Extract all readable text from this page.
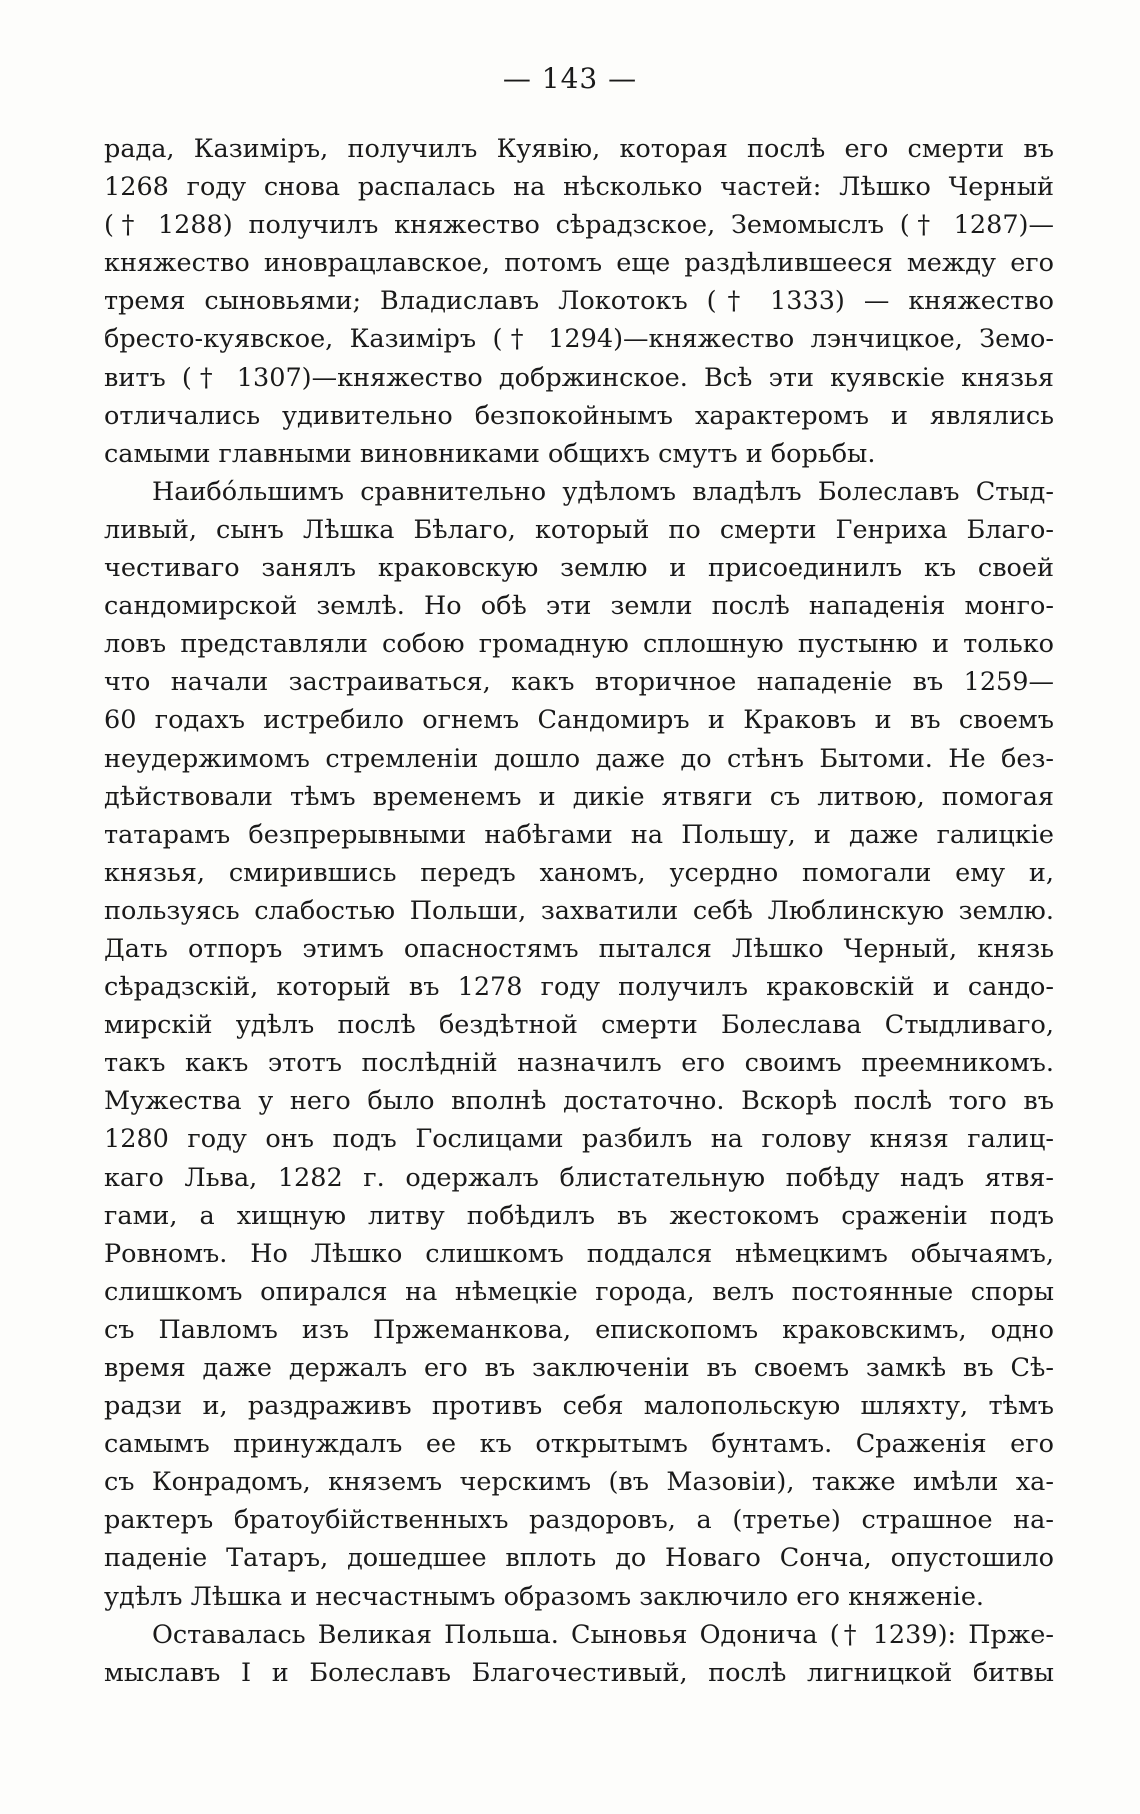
— 143 —
рада, Казиміръ, получилъ Куявію, которая послѣ его смерти въ
1268 году снова распалась на нѣсколько частей: Лѣшко Черный
(† 1288) получилъ княжество сѣрадзское, Земомыслъ († 1287)—
княжество иноврацлавское, потомъ еще раздѣлившееся между его
тремя сыновьями; Владиславъ Локотокъ († 1333) — княжество
бресто-куявское, Казиміръ († 1294)—княжество лэнчицкое, Земо-
витъ († 1307)—княжество добржинское. Всѣ эти куявскіе князья
отличались удивительно безпокойнымъ характеромъ и являлись
самыми главными виновниками общихъ смутъ и борьбы.
Наибо́льшимъ сравнительно удѣломъ владѣлъ Болеславъ Стыд-
ливый, сынъ Лѣшка Бѣлаго, который по смерти Генриха Благо-
честиваго занялъ краковскую землю и присоединилъ къ своей
сандомирской землѣ. Но обѣ эти земли послѣ нападенія монго-
ловъ представляли собою громадную сплошную пустыню и только
что начали застраиваться, какъ вторичное нападеніе въ 1259—
60 годахъ истребило огнемъ Сандомиръ и Краковъ и въ своемъ
неудержимомъ стремленіи дошло даже до стѣнъ Бытоми. Не без-
дѣйствовали тѣмъ временемъ и дикіе ятвяги съ литвою, помогая
татарамъ безпрерывными набѣгами на Польшу, и даже галицкіе
князья, смирившись передъ ханомъ, усердно помогали ему и,
пользуясь слабостью Польши, захватили себѣ Люблинскую землю.
Дать отпоръ этимъ опасностямъ пытался Лѣшко Черный, князь
сѣрадзскій, который въ 1278 году получилъ краковскій и сандо-
мирскій удѣлъ послѣ бездѣтной смерти Болеслава Стыдливаго,
такъ какъ этотъ послѣдній назначилъ его своимъ преемникомъ.
Мужества у него было вполнѣ достаточно. Вскорѣ послѣ того въ
1280 году онъ подъ Гослицами разбилъ на голову князя галиц-
каго Льва, 1282 г. одержалъ блистательную побѣду надъ ятвя-
гами, а хищную литву побѣдилъ въ жестокомъ сраженіи подъ
Ровномъ. Но Лѣшко слишкомъ поддался нѣмецкимъ обычаямъ,
слишкомъ опирался на нѣмецкіе города, велъ постоянные споры
съ Павломъ изъ Пржеманкова, епископомъ краковскимъ, одно
время даже держалъ его въ заключеніи въ своемъ замкѣ въ Сѣ-
радзи и, раздраживъ противъ себя малопольскую шляхту, тѣмъ
самымъ принуждалъ ее къ открытымъ бунтамъ. Сраженія его
съ Конрадомъ, княземъ черскимъ (въ Мазовіи), также имѣли ха-
рактеръ братоубійственныхъ раздоровъ, а (третье) страшное на-
паденіе Татаръ, дошедшее вплоть до Новаго Сонча, опустошило
удѣлъ Лѣшка и несчастнымъ образомъ заключило его княженіе.
Оставалась Великая Польша. Сыновья Одонича († 1239): Пржe-
мыславъ I и Болеславъ Благочестивый, послѣ лигницкой битвы
